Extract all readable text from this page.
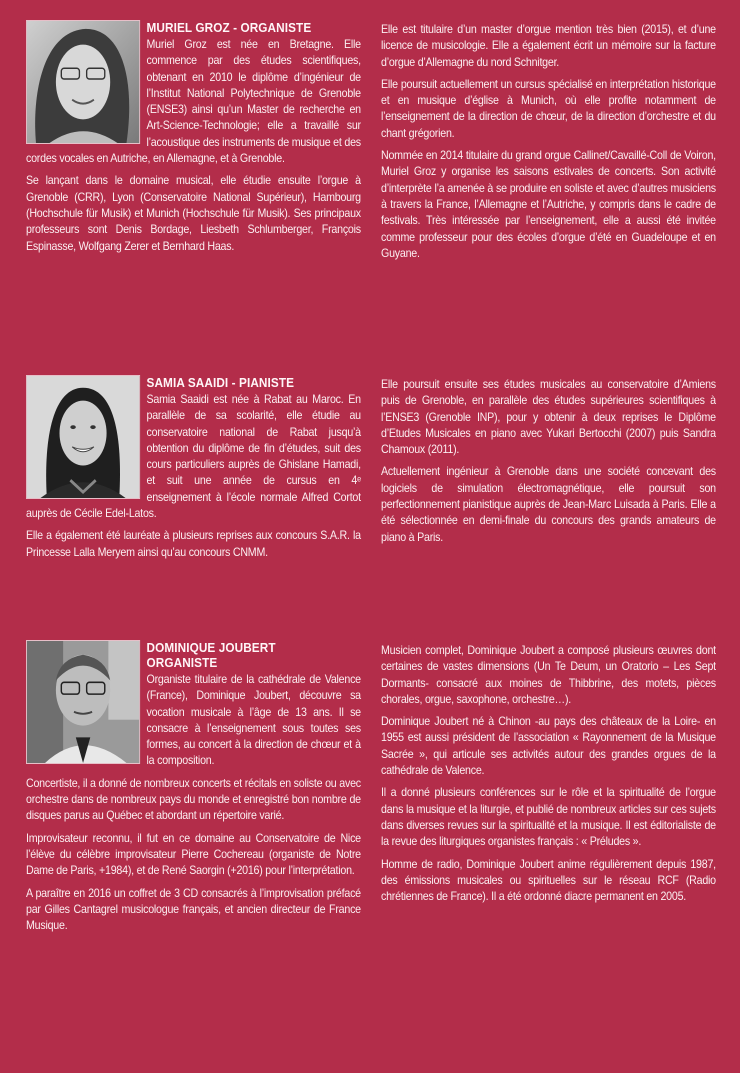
MURIEL GROZ - ORGANISTE

Muriel Groz est née en Bretagne. Elle commence par des études scientifiques, obtenant en 2010 le diplôme d’ingénieur de l’Institut National Polytechnique de Grenoble (ENSE3) ainsi qu’un Master de recherche en Art-Science-Technologie; elle a travaillé sur l’acoustique des instruments de musique et des cordes vocales en Autriche, en Allemagne, et à Grenoble.

Se lançant dans le domaine musical, elle étudie ensuite l’orgue à Grenoble (CRR), Lyon (Conservatoire National Supérieur), Hambourg (Hochschule für Musik) et Munich (Hochschule für Musik). Ses principaux professeurs sont Denis Bordage, Liesbeth Schlumberger, François Espinasse, Wolfgang Zerer et Bernhard Haas.

Elle est titulaire d’un master d’orgue mention très bien (2015), et d’une licence de musicologie. Elle a également écrit un mémoire sur la facture d’orgue d’Allemagne du nord Schnitger.

Elle poursuit actuellement un cursus spécialisé en interprétation historique et en musique d’église à Munich, où elle profite notamment de l’enseignement de la direction de chœur, de la direction d’orchestre et du chant grégorien.

Nommée en 2014 titulaire du grand orgue Callinet/Cavaillé-Coll de Voiron, Muriel Groz y organise les saisons estivales de concerts. Son activité d’interprète l’a amenée à se produire en soliste et avec d’autres musiciens à travers la France, l’Allemagne et l’Autriche, y compris dans le cadre de festivals. Très intéressée par l’enseignement, elle a aussi été invitée comme professeur pour des écoles d’orgue d’été en Guadeloupe et en Guyane.

SAMIA SAAIDI - PIANISTE

Samia Saaidi est née à Rabat au Maroc. En parallèle de sa scolarité, elle étudie au conservatoire national de Rabat jusqu’à obtention du diplôme de fin d’études, suit des cours particuliers auprès de Ghislane Hamadi, et suit une année de cursus en 4ᵉ enseignement à l’école normale Alfred Cortot auprès de Cécile Edel-Latos.

Elle a également été lauréate à plusieurs reprises aux concours S.A.R. la Princesse Lalla Meryem ainsi qu’au concours CNMM.

Elle poursuit ensuite ses études musicales au conservatoire d’Amiens puis de Grenoble, en parallèle des études supérieures scientifiques à l’ENSE3 (Grenoble INP), pour y obtenir à deux reprises le Diplôme d’Etudes Musicales en piano avec Yukari Bertocchi (2007) puis Sandra Chamoux (2011).

Actuellement ingénieur à Grenoble dans une société concevant des logiciels de simulation électromagnétique, elle poursuit son perfectionnement pianistique auprès de Jean-Marc Luisada à Paris. Elle a été sélectionnée en demi-finale du concours des grands amateurs de piano à Paris.

DOMINIQUE JOUBERT
ORGANISTE

Organiste titulaire de la cathédrale de Valence (France), Dominique Joubert, découvre sa vocation musicale à l’âge de 13 ans. Il se consacre à l’enseignement sous toutes ses formes, au concert à la direction de chœur et à la composition.

Concertiste, il a donné de nombreux concerts et récitals en soliste ou avec orchestre dans de nombreux pays du monde et enregistré bon nombre de disques parus au Québec et abordant un répertoire varié.

Improvisateur reconnu, il fut en ce domaine au Conservatoire de Nice l’élève du célèbre improvisateur Pierre Cochereau (organiste de Notre Dame de Paris, +1984), et de René Saorgin (+2016) pour l’interprétation.

A paraître en 2016 un coffret de 3 CD consacrés à l’improvisation préfacé par Gilles Cantagrel musicologue français, et ancien directeur de France Musique.

Musicien complet, Dominique Joubert a composé plusieurs œuvres dont certaines de vastes dimensions (Un Te Deum, un Oratorio – Les Sept Dormants- consacré aux moines de Thibbrine, des motets, pièces chorales, orgue, saxophone, orchestre…).

Dominique Joubert né à Chinon -au pays des châteaux de la Loire- en 1955 est aussi président de l’association « Rayonnement de la Musique Sacrée », qui articule ses activités autour des grandes orgues de la cathédrale de Valence.

Il a donné plusieurs conférences sur le rôle et la spiritualité de l’orgue dans la musique et la liturgie, et publié de nombreux articles sur ces sujets dans diverses revues sur la spiritualité et la musique. Il est éditorialiste de la revue des liturgiques organistes français : « Préludes ».

Homme de radio, Dominique Joubert anime régulièrement depuis 1987, des émissions musicales ou spirituelles sur le réseau RCF (Radio chrétiennes de France). Il a été ordonné diacre permanent en 2005.
